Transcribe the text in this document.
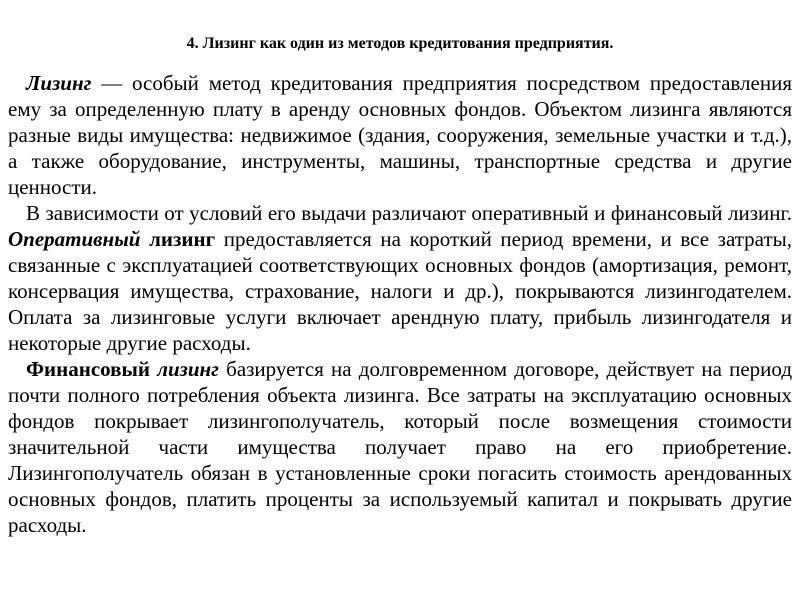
4. Лизинг как один из методов кредитования предприятия.

Лизинг — особый метод кредитования предприятия посредством предоставления ему за определенную плату в аренду основных фондов. Объектом лизинга являются разные виды имущества: недвижимое (здания, сооружения, земельные участки и т.д.), а также оборудование, инструменты, машины, транспортные средства и другие ценности.

В зависимости от условий его выдачи различают оперативный и финансовый лизинг. Оперативный лизинг предоставляется на короткий период времени, и все затраты, связанные с эксплуатацией соответствующих основных фондов (амортизация, ремонт, консервация имущества, страхование, налоги и др.), покрываются лизингодателем. Оплата за лизинговые услуги включает арендную плату, прибыль лизингодателя и некоторые другие расходы.

Финансовый лизинг базируется на долговременном договоре, действует на период почти полного потребления объекта лизинга. Все затраты на эксплуатацию основных фондов покрывает лизингополучатель, который после возмещения стоимости значительной части имущества получает право на его приобретение. Лизингополучатель обязан в установленные сроки погасить стоимость арендованных основных фондов, платить проценты за используемый капитал и покрывать другие расходы.
